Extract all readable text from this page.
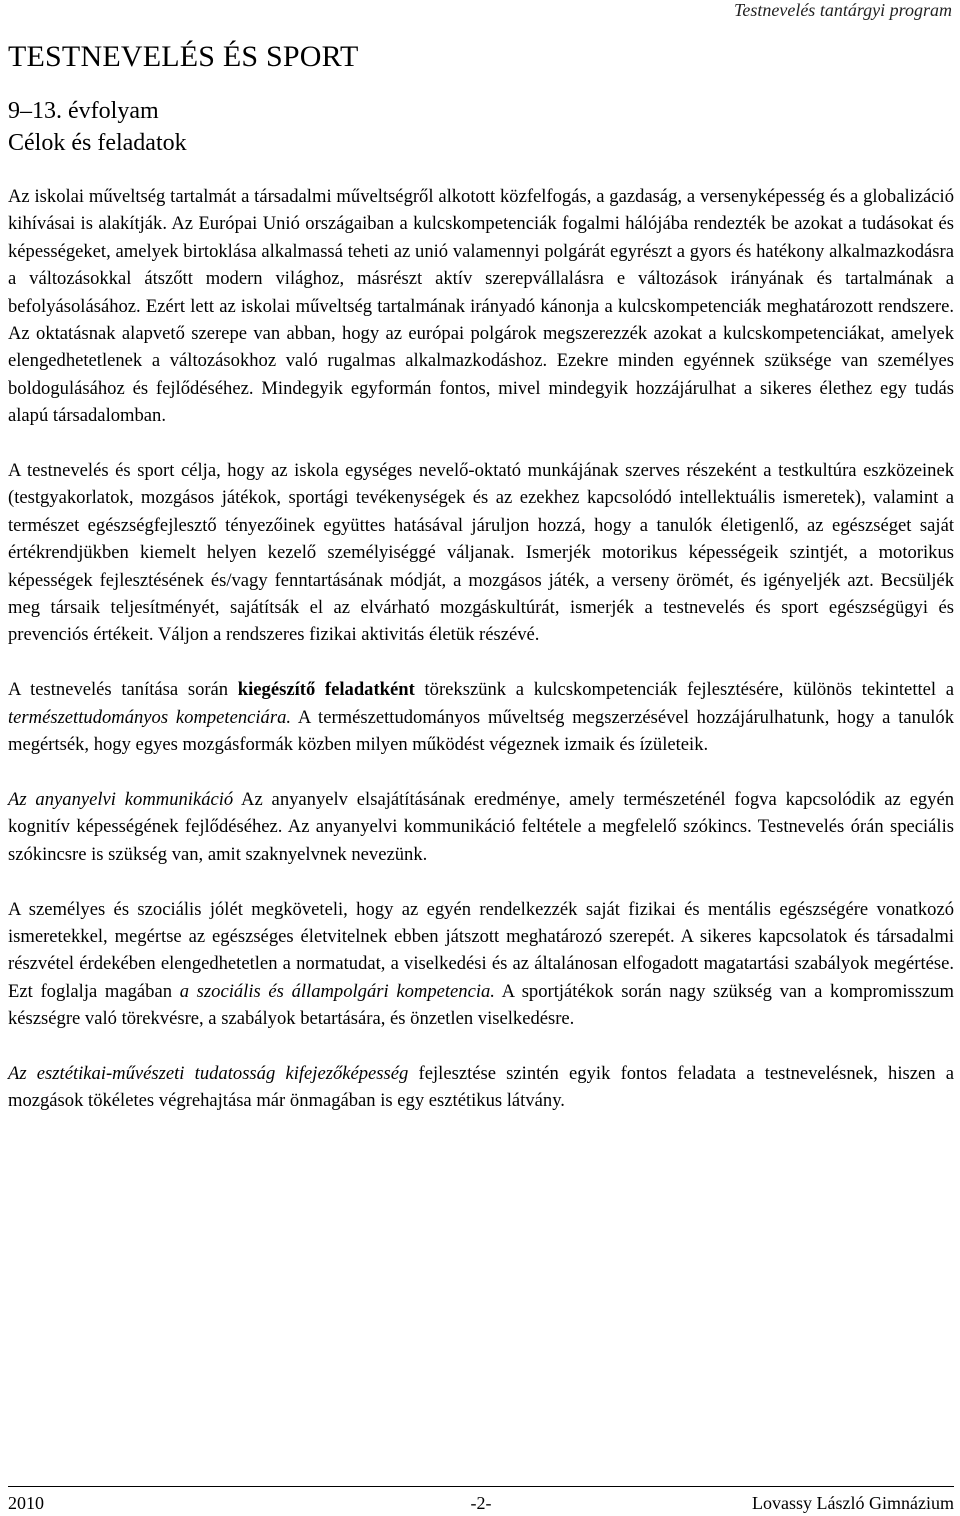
Testnevelés tantárgyi program
TESTNEVELÉS ÉS SPORT
9–13. évfolyam
Célok és feladatok

Az iskolai műveltség tartalmát a társadalmi műveltségről alkotott közfelfogás, a gazdaság, a versenyképesség és a globalizáció kihívásai is alakítják. Az Európai Unió országaiban a kulcskompetenciák fogalmi hálójába rendezték be azokat a tudásokat és képességeket, amelyek birtoklása alkalmassá teheti az unió valamennyi polgárát egyrészt a gyors és hatékony alkalmazkodásra a változásokkal átszőtt modern világhoz, másrészt aktív szerepvállalásra e változások irányának és tartalmának a befolyásolásához. Ezért lett az iskolai műveltség tartalmának irányadó kánonja a kulcskompetenciák meghatározott rendszere. Az oktatásnak alapvető szerepe van abban, hogy az európai polgárok megszerezzék azokat a kulcskompetenciákat, amelyek elengedhetetlenek a változásokhoz való rugalmas alkalmazkodáshoz. Ezekre minden egyénnek szüksége van személyes boldogulásához és fejlődéséhez. Mindegyik egyformán fontos, mivel mindegyik hozzájárulhat a sikeres élethez egy tudás alapú társadalomban.

A testnevelés és sport célja, hogy az iskola egységes nevelő-oktató munkájának szerves részeként a testkultúra eszközeinek (testgyakorlatok, mozgásos játékok, sportági tevékenységek és az ezekhez kapcsolódó intellektuális ismeretek), valamint a természet egészségfejlesztő tényezőinek együttes hatásával járuljon hozzá, hogy a tanulók életigenlő, az egészséget saját értékrendjükben kiemelt helyen kezelő személyiséggé váljanak. Ismerjék motorikus képességeik szintjét, a motorikus képességek fejlesztésének és/vagy fenntartásának módját, a mozgásos játék, a verseny örömét, és igényeljék azt. Becsüljék meg társaik teljesítményét, sajátítsák el az elvárható mozgáskultúrát, ismerjék a testnevelés és sport egészségügyi és prevenciós értékeit. Váljon a rendszeres fizikai aktivitás életük részévé.

A testnevelés tanítása során kiegészítő feladatként törekszünk a kulcskompetenciák fejlesztésére, különös tekintettel a természettudományos kompetenciára. A természettudományos műveltség megszerzésével hozzájárulhatunk, hogy a tanulók megértsék, hogy egyes mozgásformák közben milyen működést végeznek izmaik és ízületeik.

Az anyanyelvi kommunikáció Az anyanyelv elsajátításának eredménye, amely természeténél fogva kapcsolódik az egyén kognitív képességének fejlődéséhez. Az anyanyelvi kommunikáció feltétele a megfelelő szókincs. Testnevelés órán speciális szókincsre is szükség van, amit szaknyelvnek nevezünk.

A személyes és szociális jólét megköveteli, hogy az egyén rendelkezzék saját fizikai és mentális egészségére vonatkozó ismeretekkel, megértse az egészséges életvitelnek ebben játszott meghatározó szerepét. A sikeres kapcsolatok és társadalmi részvétel érdekében elengedhetetlen a normatudat, a viselkedési és az általánosan elfogadott magatartási szabályok megértése. Ezt foglalja magában a szociális és állampolgári kompetencia. A sportjátékok során nagy szükség van a kompromisszum készségre való törekvésre, a szabályok betartására, és önzetlen viselkedésre.

Az esztétikai-művészeti tudatosság kifejezőképesség fejlesztése szintén egyik fontos feladata a testnevelésnek, hiszen a mozgások tökéletes végrehajtása már önmagában is egy esztétikus látvány.

2010	-2-	Lovassy László Gimnázium
